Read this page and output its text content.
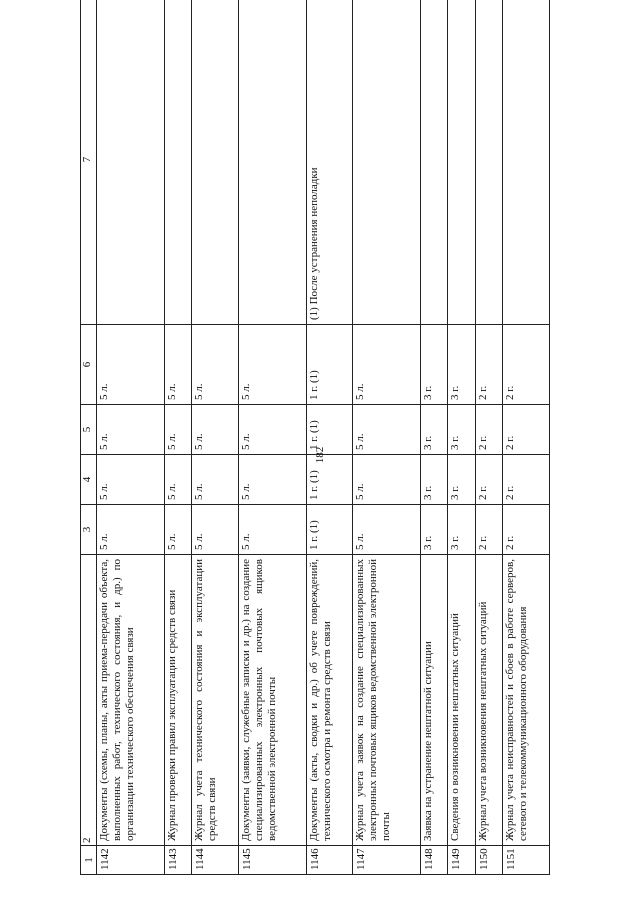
182
1	2	3	4	5	6	7
1142	Документы (схемы, планы, акты приема-передачи объекта, выполненных работ, технического состояния, и др.) по организации технического обеспечения связи	5 л.	5 л.	5 л.	5 л.	
1143	Журнал проверки правил эксплуатации средств связи	5 л.	5 л.	5 л.	5 л.	
1144	Журнал учета технического состояния и эксплуатации средств связи	5 л.	5 л.	5 л.	5 л.	
1145	Документы (заявки, служебные записки и др.) на создание специализированных электронных почтовых ящиков ведомственной электронной почты	5 л.	5 л.	5 л.	5 л.	
1146	Документы (акты, сводки и др.) об учете повреждений, технического осмотра и ремонта средств связи	1 г. (1)	1 г. (1)	1 г. (1)	1 г. (1)	(1) После устранения неполадки
1147	Журнал учета заявок на создание специализированных электронных почтовых ящиков ведомственной электронной почты	5 л.	5 л.	5 л.	5 л.	
1148	Заявка на устранение нештатной ситуации	3 г.	3 г.	3 г.	3 г.	
1149	Сведения о возникновении нештатных ситуаций	3 г.	3 г.	3 г.	3 г.	
1150	Журнал учета возникновения нештатных ситуаций	2 г.	2 г.	2 г.	2 г.	
1151	Журнал учета неисправностей и сбоев в работе серверов, сетевого и телекоммуникационного оборудования	2 г.	2 г.	2 г.	2 г.	
